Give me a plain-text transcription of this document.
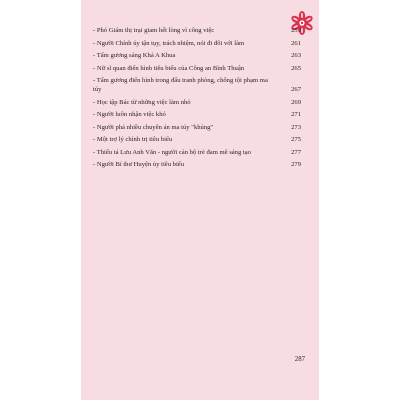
- Phó Giám thị trại giam hết lòng vì công việc	259
- Người Chính ủy tận tụy, trách nhiệm, nói đi đôi với làm	261
- Tấm gương sáng Khả A Khua	263
- Nữ sĩ quan điển hình tiêu biểu của Công an Bình Thuận	265
- Tấm gương điển hình trong đấu tranh phòng, chống tội phạm ma túy	267
- Học tập Bác từ những việc làm nhỏ	269
- Người luôn nhận việc khó	271
- Người phá nhiều chuyên án ma túy "khủng"	273
- Một trợ lý chính trị tiêu biểu	275
- Thiếu tá Lưu Anh Văn - người cán bộ trẻ đam mê sáng tạo	277
- Người Bí thư Huyện ủy tiêu biểu	279
287
